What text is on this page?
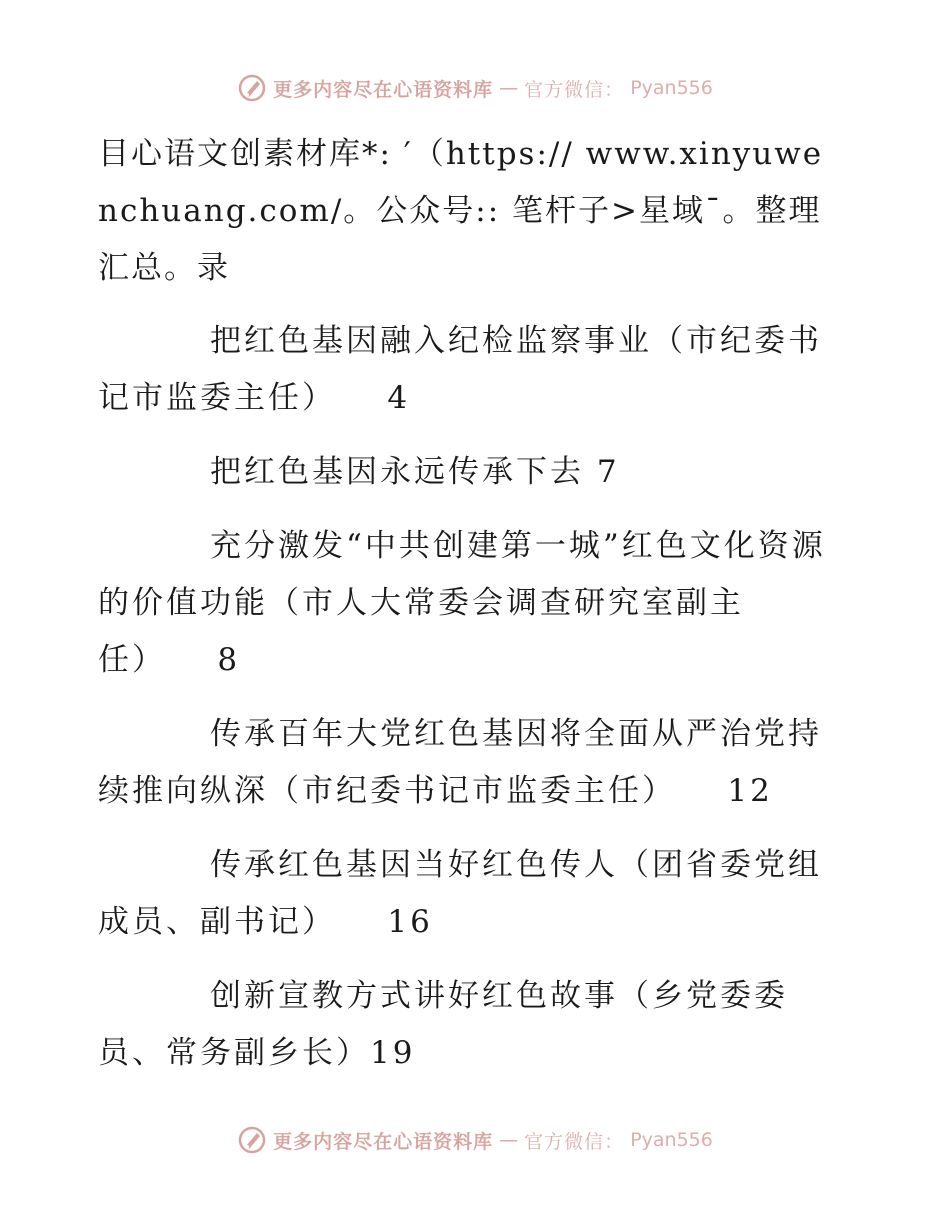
更多内容尽在心语资料库 — 官方微信： Pyan556

目心语文创素材库*: ′（https:// www.xinyuwenchuang.com/。公众号:: 笔杆子>星域¯。整理汇总。录

把红色基因融入纪检监察事业（市纪委书记市监委主任） 4

把红色基因永远传承下去 7

充分激发“中共创建第一城”红色文化资源的价值功能（市人大常委会调查研究室副主任） 8

传承百年大党红色基因将全面从严治党持续推向纵深（市纪委书记市监委主任） 12

传承红色基因当好红色传人（团省委党组成员、副书记） 16

创新宣教方式讲好红色故事（乡党委委员、常务副乡长）19

更多内容尽在心语资料库 — 官方微信： Pyan556
